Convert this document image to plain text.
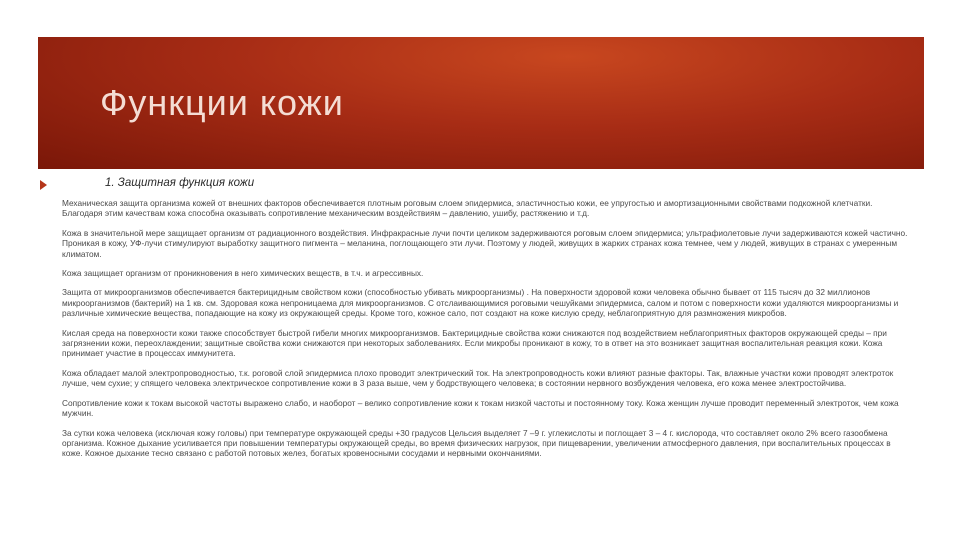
Функции кожи
1. Защитная функция кожи

Механическая защита организма кожей от внешних факторов обеспечивается плотным роговым слоем эпидермиса, эластичностью кожи, ее упругостью и амортизационными свойствами подкожной клетчатки. Благодаря этим качествам кожа способна оказывать сопротивление механическим воздействиям – давлению, ушибу, растяжению и т.д.

Кожа в значительной мере защищает организм от радиационного воздействия. Инфракрасные лучи почти целиком задерживаются роговым слоем эпидермиса; ультрафиолетовые лучи задерживаются кожей частично. Проникая в кожу, УФ-лучи стимулируют выработку защитного пигмента – меланина, поглощающего эти лучи. Поэтому у людей, живущих в жарких странах кожа темнее, чем у людей, живущих в странах с умеренным климатом.

Кожа защищает организм от проникновения в него химических веществ, в т.ч. и агрессивных.

Защита от микроорганизмов обеспечивается бактерицидным свойством кожи (способностью убивать микроорганизмы) . На поверхности здоровой кожи человека обычно бывает от 115 тысяч до 32 миллионов микроорганизмов (бактерий) на 1 кв. см. Здоровая кожа непроницаема для микроорганизмов. С отслаивающимися роговыми чешуйками эпидермиса, салом и потом с поверхности кожи удаляются микроорганизмы и различные химические вещества, попадающие на кожу из окружающей среды. Кроме того, кожное сало, пот создают на коже кислую среду, неблагоприятную для размножения микробов.

Кислая среда на поверхности кожи также способствует быстрой гибели многих микроорганизмов. Бактерицидные свойства кожи снижаются под воздействием неблагоприятных факторов окружающей среды – при загрязнении кожи, переохлаждении; защитные свойства кожи снижаются при некоторых заболеваниях. Если микробы проникают в кожу, то в ответ на это возникает защитная воспалительная реакция кожи. Кожа принимает участие в процессах иммунитета.

Кожа обладает малой электропроводностью, т.к. роговой слой эпидермиса плохо проводит электрический ток. На электропроводность кожи влияют разные факторы. Так, влажные участки кожи проводят электроток лучше, чем сухие; у спящего человека электрическое сопротивление кожи в 3 раза выше, чем у бодрствующего человека; в состоянии нервного возбуждения человека, его кожа менее электростойчива.

Сопротивление кожи к токам высокой частоты выражено слабо, и наоборот – велико сопротивление кожи к токам низкой частоты и постоянному току. Кожа женщин лучше проводит переменный электроток, чем кожа мужчин.

За сутки кожа человека (исключая кожу головы) при температуре окружающей среды +30 градусов Цельсия выделяет 7 –9 г. углекислоты и поглощает 3 – 4 г. кислорода, что составляет около 2% всего газообмена организма. Кожное дыхание усиливается при повышении температуры окружающей среды, во время физических нагрузок, при пищеварении, увеличении атмосферного давления, при воспалительных процессах в коже. Кожное дыхание тесно связано с работой потовых желез, богатых кровеносными сосудами и нервными окончаниями.
